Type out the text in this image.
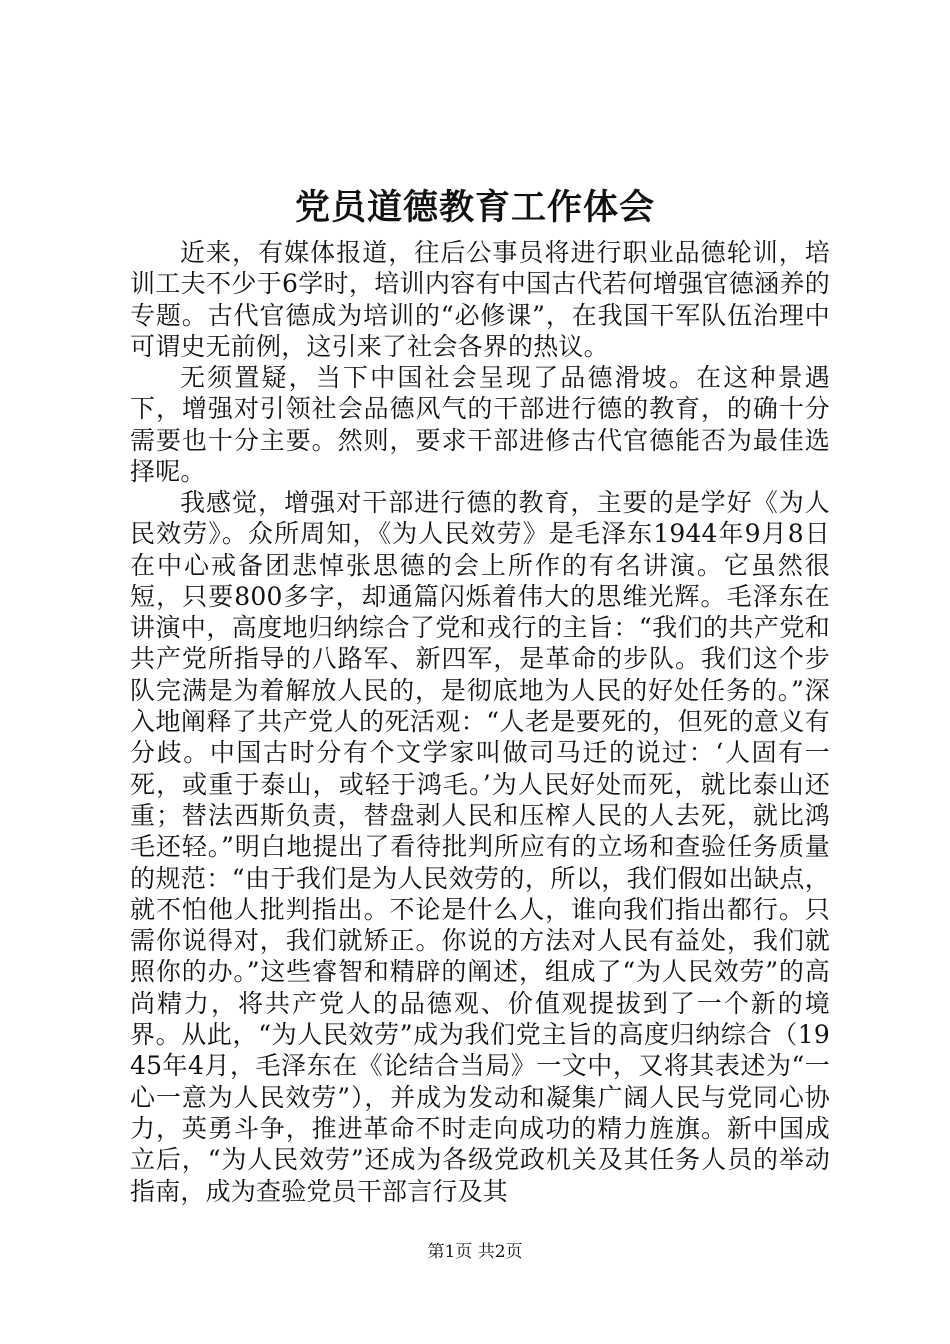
党员道德教育工作体会

近来，有媒体报道，往后公事员将进行职业品德轮训，培训工夫不少于6学时，培训内容有中国古代若何增强官德涵养的专题。古代官德成为培训的“必修课”，在我国干军队伍治理中可谓史无前例，这引来了社会各界的热议。

无须置疑，当下中国社会呈现了品德滑坡。在这种景遇下，增强对引领社会品德风气的干部进行德的教育，的确十分需要也十分主要。然则，要求干部进修古代官德能否为最佳选择呢。

我感觉，增强对干部进行德的教育，主要的是学好《为人民效劳》。众所周知，《为人民效劳》是毛泽东1944年9月8日在中心戒备团悲悼张思德的会上所作的有名讲演。它虽然很短，只要800多字，却通篇闪烁着伟大的思维光辉。毛泽东在讲演中，高度地归纳综合了党和戎行的主旨：“我们的共产党和共产党所指导的八路军、新四军，是革命的步队。我们这个步队完满是为着解放人民的，是彻底地为人民的好处任务的。”深入地阐释了共产党人的死活观：“人老是要死的，但死的意义有分歧。中国古时分有个文学家叫做司马迁的说过：‘人固有一死，或重于泰山，或轻于鸿毛。’为人民好处而死，就比泰山还重；替法西斯负责，替盘剥人民和压榨人民的人去死，就比鸿毛还轻。”明白地提出了看待批判所应有的立场和查验任务质量的规范：“由于我们是为人民效劳的，所以，我们假如出缺点，就不怕他人批判指出。不论是什么人，谁向我们指出都行。只需你说得对，我们就矫正。你说的方法对人民有益处，我们就照你的办。”这些睿智和精辟的阐述，组成了“为人民效劳”的高尚精力，将共产党人的品德观、价值观提拔到了一个新的境界。从此，“为人民效劳”成为我们党主旨的高度归纳综合（1945年4月，毛泽东在《论结合当局》一文中，又将其表述为“一心一意为人民效劳”），并成为发动和凝集广阔人民与党同心协力，英勇斗争，推进革命不时走向成功的精力旌旗。新中国成立后，“为人民效劳”还成为各级党政机关及其任务人员的举动指南，成为查验党员干部言行及其

第1页 共2页
